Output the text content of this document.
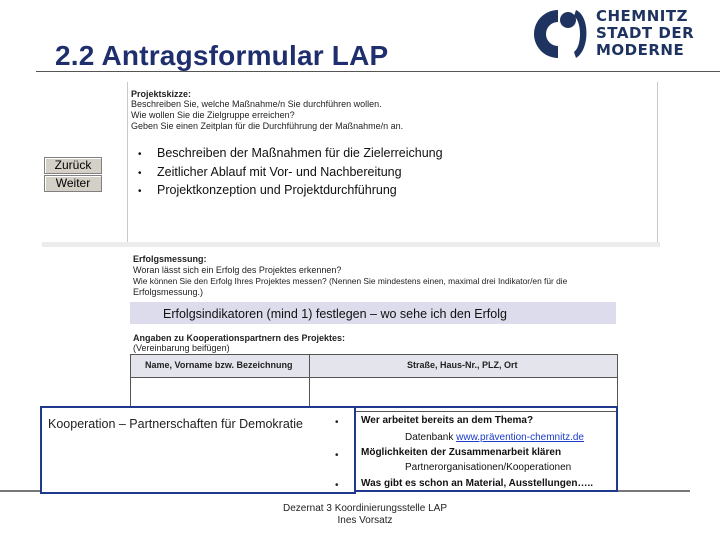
2.2 Antragsformular LAP
CHEMNITZ
STADT DER
MODERNE
Zurück
Weiter
Projektskizze:
Beschreiben Sie, welche Maßnahme/n Sie durchführen wollen.
Wie wollen Sie die Zielgruppe erreichen?
Geben Sie einen Zeitplan für die Durchführung der Maßnahme/n an.
• Beschreiben der Maßnahmen für die Zielerreichung
• Zeitlicher Ablauf mit Vor- und Nachbereitung
• Projektkonzeption und Projektdurchführung
Erfolgsmessung:
Woran lässt sich ein Erfolg des Projektes erkennen?
Wie können Sie den Erfolg Ihres Projektes messen? (Nennen Sie mindestens einen, maximal drei Indikator/en für die
Erfolgsmessung.)
Erfolgsindikatoren (mind 1) festlegen – wo sehe ich den Erfolg
Angaben zu Kooperationspartnern des Projektes:
(Vereinbarung beifügen)
Name, Vorname bzw. Bezeichnung	Straße, Haus-Nr., PLZ, Ort
Kooperation – Partnerschaften für Demokratie	•
•
•
Wer arbeitet bereits an dem Thema?
Datenbank www.prävention-chemnitz.de
Möglichkeiten der Zusammenarbeit klären
Partnerorganisationen/Kooperationen
Was gibt es schon an Material, Ausstellungen…..
Dezernat 3 Koordinierungsstelle LAP
Ines Vorsatz
